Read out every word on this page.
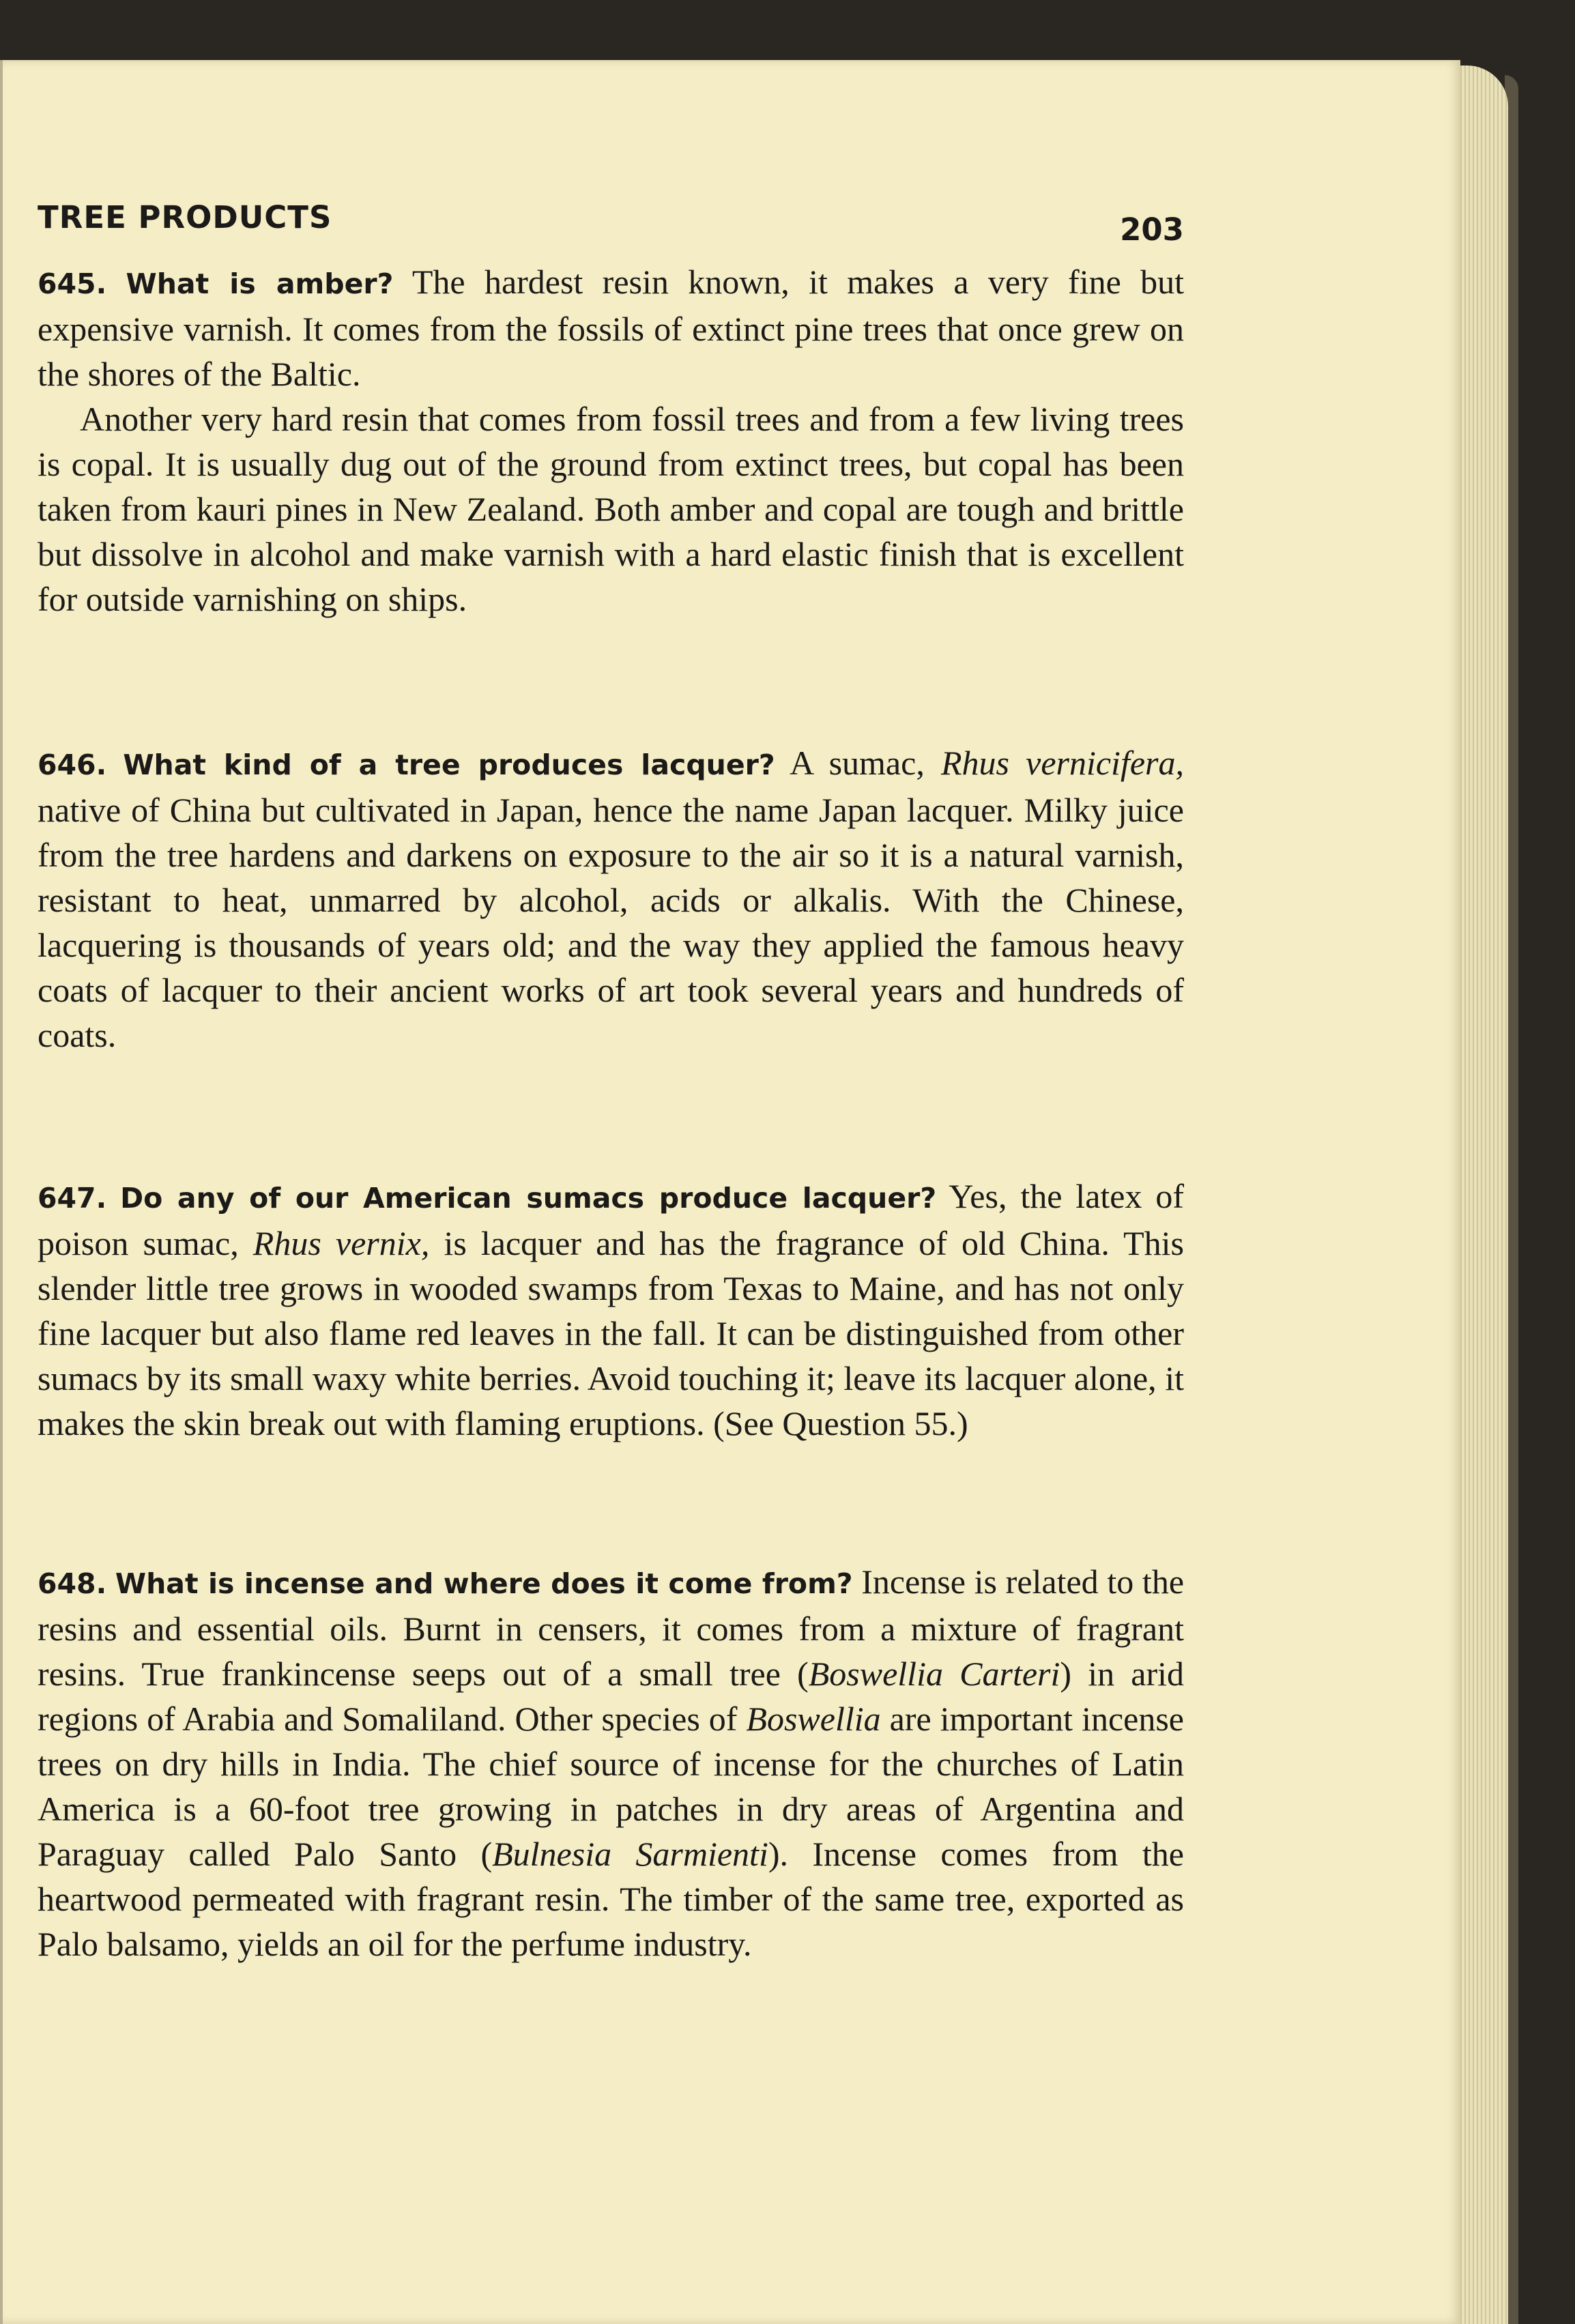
TREE PRODUCTS	203

645. What is amber? The hardest resin known, it makes a very fine but expensive varnish. It comes from the fossils of extinct pine trees that once grew on the shores of the Baltic.

Another very hard resin that comes from fossil trees and from a few living trees is copal. It is usually dug out of the ground from extinct trees, but copal has been taken from kauri pines in New Zealand. Both amber and copal are tough and brittle but dissolve in alcohol and make varnish with a hard elastic finish that is excellent for outside varnishing on ships.

646. What kind of a tree produces lacquer? A sumac, Rhus vernicifera, native of China but cultivated in Japan, hence the name Japan lacquer. Milky juice from the tree hardens and darkens on exposure to the air so it is a natural varnish, resistant to heat, unmarred by alcohol, acids or alkalis. With the Chinese, lacquering is thousands of years old; and the way they applied the famous heavy coats of lacquer to their ancient works of art took several years and hundreds of coats.

647. Do any of our American sumacs produce lacquer? Yes, the latex of poison sumac, Rhus vernix, is lacquer and has the fragrance of old China. This slender little tree grows in wooded swamps from Texas to Maine, and has not only fine lacquer but also flame red leaves in the fall. It can be distinguished from other sumacs by its small waxy white berries. Avoid touching it; leave its lacquer alone, it makes the skin break out with flaming eruptions. (See Question 55.)

648. What is incense and where does it come from? Incense is related to the resins and essential oils. Burnt in censers, it comes from a mixture of fragrant resins. True frankincense seeps out of a small tree (Boswellia Carteri) in arid regions of Arabia and Somaliland. Other species of Boswellia are important incense trees on dry hills in India. The chief source of incense for the churches of Latin America is a 60-foot tree growing in patches in dry areas of Argentina and Paraguay called Palo Santo (Bulnesia Sarmienti). Incense comes from the heartwood permeated with fragrant resin. The timber of the same tree, exported as Palo balsamo, yields an oil for the perfume industry.
